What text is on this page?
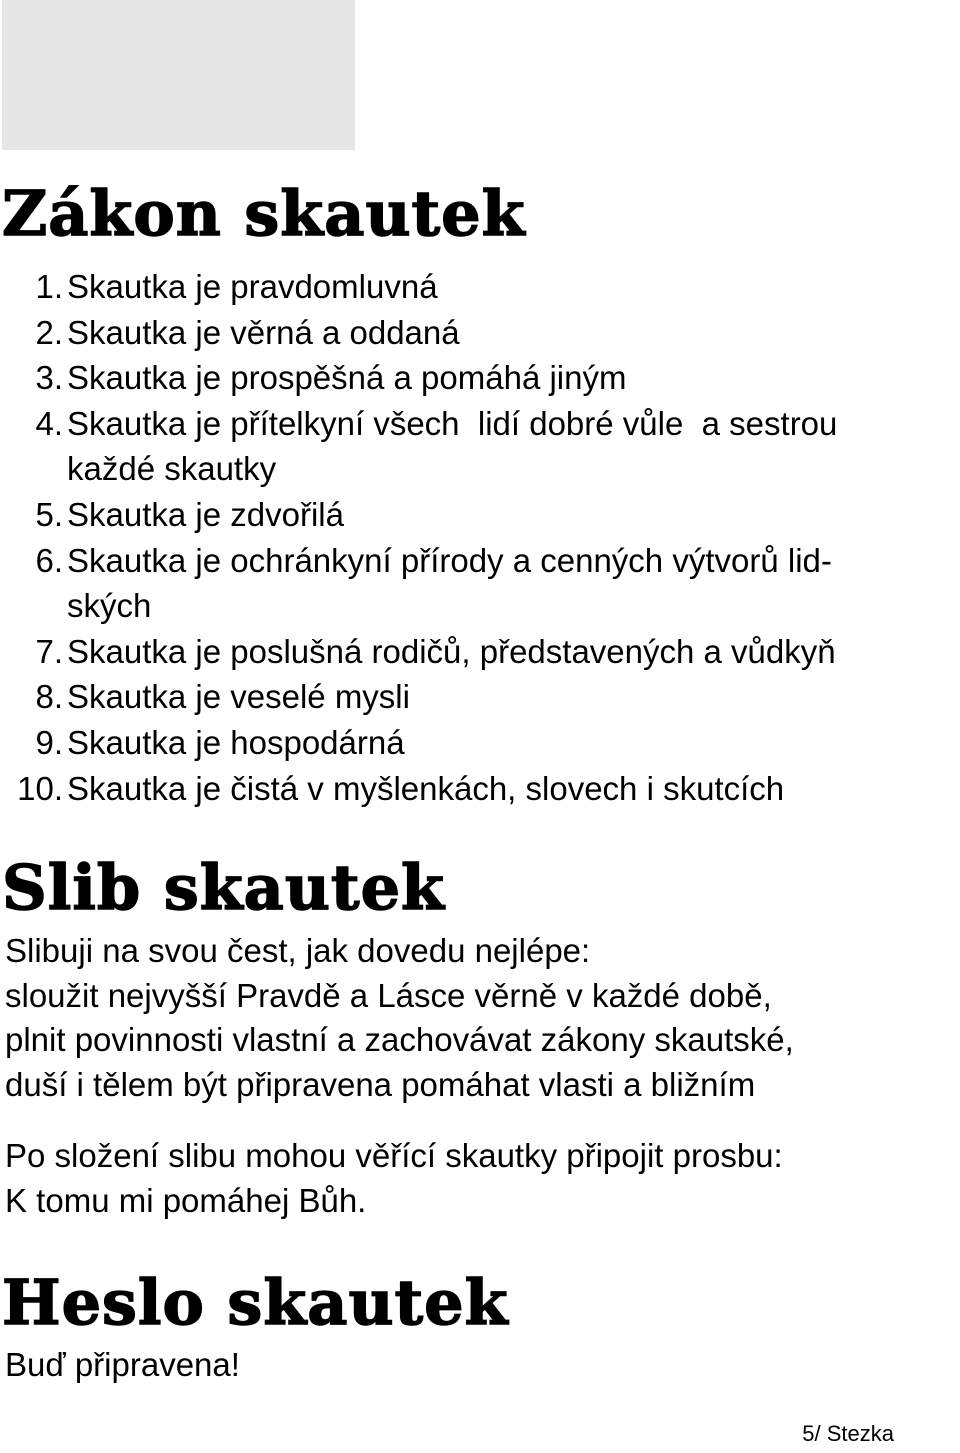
Zákon skautek
1. Skautka je pravdomluvná
2. Skautka je věrná a oddaná
3. Skautka je prospěšná a pomáhá jiným
4. Skautka je přítelkyní všech  lidí dobré vůle  a sestrou
každé skautky
5. Skautka je zdvořilá
6. Skautka je ochránkyní přírody a cenných výtvorů lid-
ských
7. Skautka je poslušná rodičů, představených a vůdkyň
8. Skautka je veselé mysli
9. Skautka je hospodárná
10. Skautka je čistá v myšlenkách, slovech i skutcích
Slib skautek

Slibuji na svou čest, jak dovedu nejlépe:
sloužit nejvyšší Pravdě a Lásce věrně v každé době,
plnit povinnosti vlastní a zachovávat zákony skautské,
duší i tělem být připravena pomáhat vlasti a bližním

Po složení slibu mohou věřící skautky připojit prosbu:
K tomu mi pomáhej Bůh.

Heslo skautek

Buď připravena!

5/ Stezka
